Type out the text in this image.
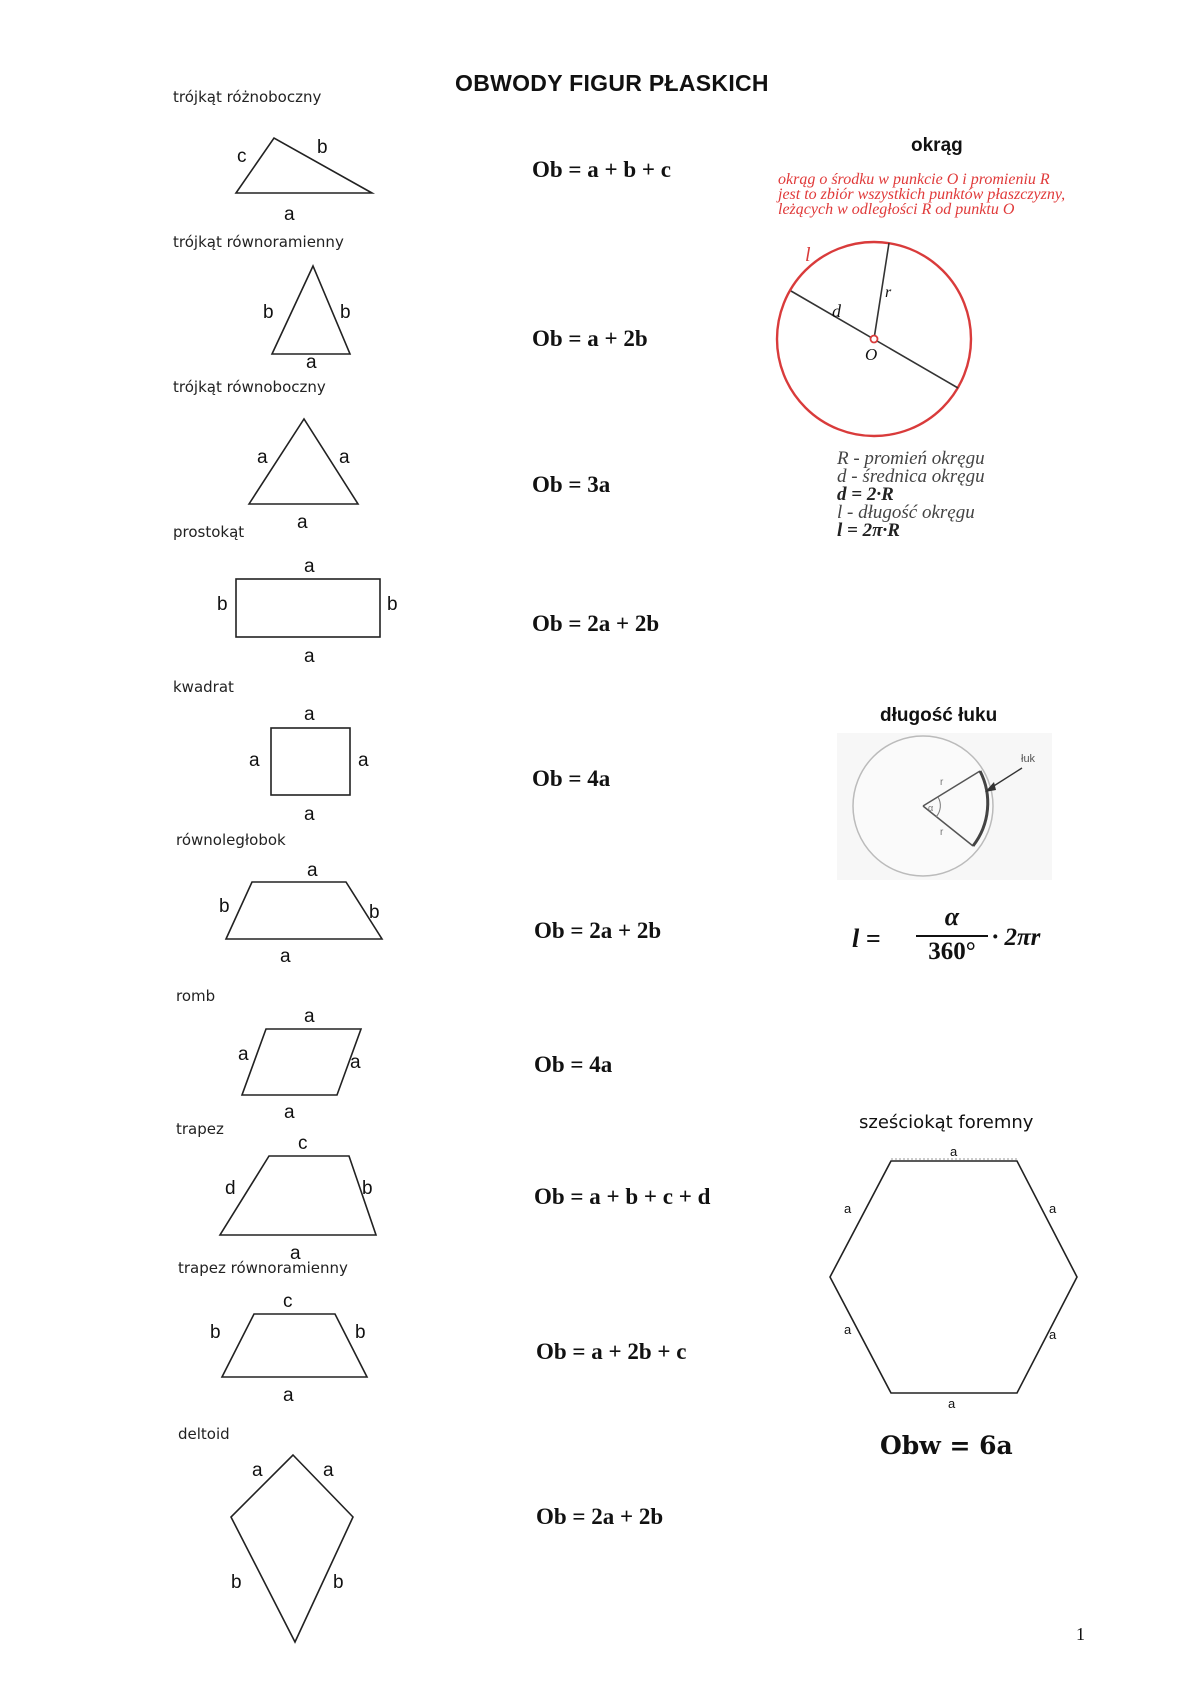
OBWODY FIGUR PŁASKICH
trójkąt różnoboczny
trójkąt równoramienny
trójkąt równoboczny
prostokąt
kwadrat
równoległobok
romb
trapez
trapez równoramienny
deltoid
c	b
a
b	b
a
a	a
a
a
b	b
a
a
a	a
a
a
b	b
a
a
a	a
a
c
d	b
a
c
b	b
a
a	a
b	b
Ob = a + b + c
Ob = a + 2b
Ob = 3a
Ob = 2a + 2b
Ob = 4a
Ob = 2a + 2b
Ob = 4a
Ob = a + b + c + d
Ob = a + 2b + c
Ob = 2a + 2b
okrąg
okrąg o środku w punkcie O i promieniu R
jest to zbiór wszystkich punktów płaszczyzny,
leżących w odległości R od punktu O
l
d
r
O
R - promień okręgu
d - średnica okręgu
d = 2·R
l - długość okręgu
l = 2π·R
długość łuku
łuk
r
r
α
l =
α
360°
· 2πr
sześciokąt foremny
a
a	a
a	a
a
Obw = 6a
1
